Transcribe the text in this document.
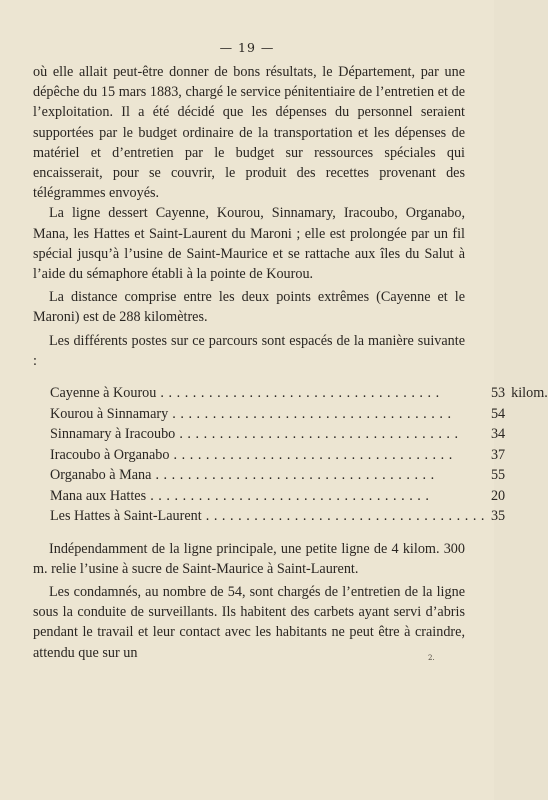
— 19 —

où elle allait peut-être donner de bons résultats, le Département, par une dépêche du 15 mars 1883, chargé le service pénitentiaire de l’entretien et de l’exploitation. Il a été décidé que les dépenses du personnel seraient supportées par le budget ordinaire de la transportation et les dépenses de matériel et d’entretien par le budget sur ressources spéciales qui encaisserait, pour se couvrir, le produit des recettes provenant des télégrammes envoyés.

La ligne dessert Cayenne, Kourou, Sinnamary, Iracoubo, Organabo, Mana, les Hattes et Saint-Laurent du Maroni ; elle est prolongée par un fil spécial jusqu’à l’usine de Saint-Maurice et se rattache aux îles du Salut à l’aide du sémaphore établi à la pointe de Kourou.

La distance comprise entre les deux points extrêmes (Cayenne et le Maroni) est de 288 kilomètres.

Les différents postes sur ce parcours sont espacés de la manière suivante :

Cayenne à Kourou . . .	53	kilom.
Kourou à Sinnamary . . .	54	
Sinnamary à Iracoubo . . .	34	
Iracoubo à Organabo . . .	37	
Organabo à Mana . . .	55	
Mana aux Hattes . . .	20	
Les Hattes à Saint-Laurent . . .	35	

Indépendamment de la ligne principale, une petite ligne de 4 kilom. 300 m. relie l’usine à sucre de Saint-Maurice à Saint-Laurent.

Les condamnés, au nombre de 54, sont chargés de l’entretien de la ligne sous la conduite de surveillants. Ils habitent des carbets ayant servi d’abris pendant le travail et leur contact avec les habitants ne peut être à craindre, attendu que sur un	2.
